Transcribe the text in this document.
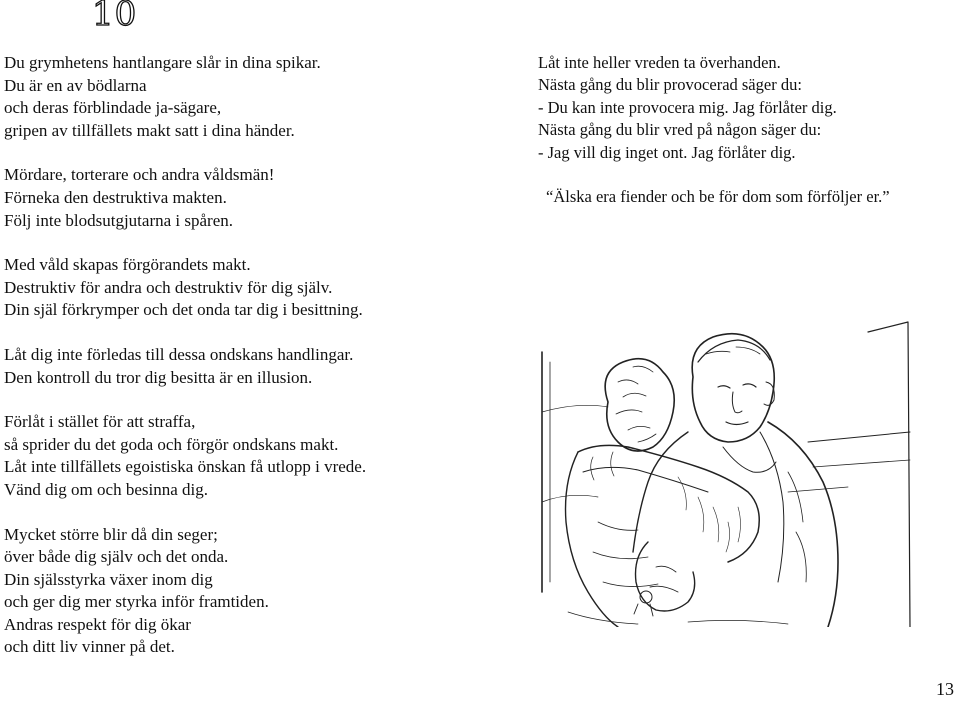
10
Du grymhetens hantlangare slår in dina spikar.
Du är en av bödlarna
och deras förblindade ja-sägare,
gripen av tillfällets makt satt i dina händer.
Mördare, torterare och andra våldsmän!
Förneka den destruktiva makten.
Följ inte blodsutgjutarna i spåren.
Med våld skapas förgörandets makt.
Destruktiv för andra och destruktiv för dig själv.
Din själ förkrymper och det onda tar dig i besittning.
Låt dig inte förledas till dessa ondskans handlingar.
Den kontroll du tror dig besitta är en illusion.
Förlåt i stället för att straffa,
så sprider du det goda och förgör ondskans makt.
Låt inte tillfällets egoistiska önskan få utlopp i vrede.
Vänd dig om och besinna dig.
Mycket större blir då din seger;
över både dig själv och det onda.
Din själsstyrka växer inom dig
och ger dig mer styrka inför framtiden.
Andras respekt för dig ökar
och ditt liv vinner på det.
Låt inte heller vreden ta överhanden.
Nästa gång du blir provocerad säger du:
- Du kan inte provocera mig. Jag förlåter dig.
Nästa gång du blir vred på någon säger du:
- Jag vill dig inget ont. Jag förlåter dig.
“Älska era fiender och be för dom som förföljer er.”
13
